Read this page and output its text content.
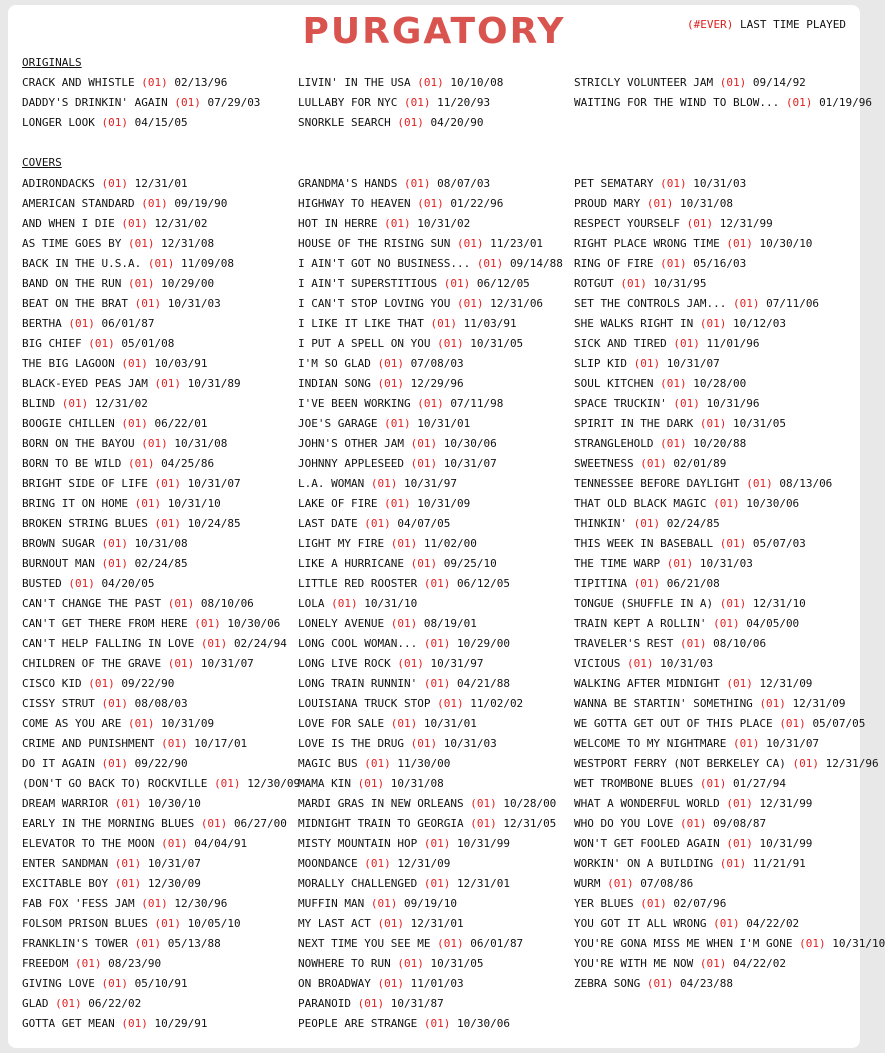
PURGATORY	(#EVER) LAST TIME PLAYED
ORIGINALS
CRACK AND WHISTLE (01) 02/13/96
DADDY'S DRINKIN' AGAIN (01) 07/29/03
LONGER LOOK (01) 04/15/05
LIVIN' IN THE USA (01) 10/10/08
LULLABY FOR NYC (01) 11/20/93
SNORKLE SEARCH (01) 04/20/90
STRICLY VOLUNTEER JAM (01) 09/14/92
WAITING FOR THE WIND TO BLOW... (01) 01/19/96
COVERS
ADIRONDACKS (01) 12/31/01
AMERICAN STANDARD (01) 09/19/90
AND WHEN I DIE (01) 12/31/02
AS TIME GOES BY (01) 12/31/08
BACK IN THE U.S.A. (01) 11/09/08
BAND ON THE RUN (01) 10/29/00
BEAT ON THE BRAT (01) 10/31/03
BERTHA (01) 06/01/87
BIG CHIEF (01) 05/01/08
THE BIG LAGOON (01) 10/03/91
BLACK-EYED PEAS JAM (01) 10/31/89
BLIND (01) 12/31/02
BOOGIE CHILLEN (01) 06/22/01
BORN ON THE BAYOU (01) 10/31/08
BORN TO BE WILD (01) 04/25/86
BRIGHT SIDE OF LIFE (01) 10/31/07
BRING IT ON HOME (01) 10/31/10
BROKEN STRING BLUES (01) 10/24/85
BROWN SUGAR (01) 10/31/08
BURNOUT MAN (01) 02/24/85
BUSTED (01) 04/20/05
CAN'T CHANGE THE PAST (01) 08/10/06
CAN'T GET THERE FROM HERE (01) 10/30/06
CAN'T HELP FALLING IN LOVE (01) 02/24/94
CHILDREN OF THE GRAVE (01) 10/31/07
CISCO KID (01) 09/22/90
CISSY STRUT (01) 08/08/03
COME AS YOU ARE (01) 10/31/09
CRIME AND PUNISHMENT (01) 10/17/01
DO IT AGAIN (01) 09/22/90
(DON'T GO BACK TO) ROCKVILLE (01) 12/30/09
DREAM WARRIOR (01) 10/30/10
EARLY IN THE MORNING BLUES (01) 06/27/00
ELEVATOR TO THE MOON (01) 04/04/91
ENTER SANDMAN (01) 10/31/07
EXCITABLE BOY (01) 12/30/09
FAB FOX 'FESS JAM (01) 12/30/96
FOLSOM PRISON BLUES (01) 10/05/10
FRANKLIN'S TOWER (01) 05/13/88
FREEDOM (01) 08/23/90
GIVING LOVE (01) 05/10/91
GLAD (01) 06/22/02
GOTTA GET MEAN (01) 10/29/91
GRANDMA'S HANDS (01) 08/07/03
HIGHWAY TO HEAVEN (01) 01/22/96
HOT IN HERRE (01) 10/31/02
HOUSE OF THE RISING SUN (01) 11/23/01
I AIN'T GOT NO BUSINESS... (01) 09/14/88
I AIN'T SUPERSTITIOUS (01) 06/12/05
I CAN'T STOP LOVING YOU (01) 12/31/06
I LIKE IT LIKE THAT (01) 11/03/91
I PUT A SPELL ON YOU (01) 10/31/05
I'M SO GLAD (01) 07/08/03
INDIAN SONG (01) 12/29/96
I'VE BEEN WORKING (01) 07/11/98
JOE'S GARAGE (01) 10/31/01
JOHN'S OTHER JAM (01) 10/30/06
JOHNNY APPLESEED (01) 10/31/07
L.A. WOMAN (01) 10/31/97
LAKE OF FIRE (01) 10/31/09
LAST DATE (01) 04/07/05
LIGHT MY FIRE (01) 11/02/00
LIKE A HURRICANE (01) 09/25/10
LITTLE RED ROOSTER (01) 06/12/05
LOLA (01) 10/31/10
LONELY AVENUE (01) 08/19/01
LONG COOL WOMAN... (01) 10/29/00
LONG LIVE ROCK (01) 10/31/97
LONG TRAIN RUNNIN' (01) 04/21/88
LOUISIANA TRUCK STOP (01) 11/02/02
LOVE FOR SALE (01) 10/31/01
LOVE IS THE DRUG (01) 10/31/03
MAGIC BUS (01) 11/30/00
MAMA KIN (01) 10/31/08
MARDI GRAS IN NEW ORLEANS (01) 10/28/00
MIDNIGHT TRAIN TO GEORGIA (01) 12/31/05
MISTY MOUNTAIN HOP (01) 10/31/99
MOONDANCE (01) 12/31/09
MORALLY CHALLENGED (01) 12/31/01
MUFFIN MAN (01) 09/19/10
MY LAST ACT (01) 12/31/01
NEXT TIME YOU SEE ME (01) 06/01/87
NOWHERE TO RUN (01) 10/31/05
ON BROADWAY (01) 11/01/03
PARANOID (01) 10/31/87
PEOPLE ARE STRANGE (01) 10/30/06
PET SEMATARY (01) 10/31/03
PROUD MARY (01) 10/31/08
RESPECT YOURSELF (01) 12/31/99
RIGHT PLACE WRONG TIME (01) 10/30/10
RING OF FIRE (01) 05/16/03
ROTGUT (01) 10/31/95
SET THE CONTROLS JAM... (01) 07/11/06
SHE WALKS RIGHT IN (01) 10/12/03
SICK AND TIRED (01) 11/01/96
SLIP KID (01) 10/31/07
SOUL KITCHEN (01) 10/28/00
SPACE TRUCKIN' (01) 10/31/96
SPIRIT IN THE DARK (01) 10/31/05
STRANGLEHOLD (01) 10/20/88
SWEETNESS (01) 02/01/89
TENNESSEE BEFORE DAYLIGHT (01) 08/13/06
THAT OLD BLACK MAGIC (01) 10/30/06
THINKIN' (01) 02/24/85
THIS WEEK IN BASEBALL (01) 05/07/03
THE TIME WARP (01) 10/31/03
TIPITINA (01) 06/21/08
TONGUE (SHUFFLE IN A) (01) 12/31/10
TRAIN KEPT A ROLLIN' (01) 04/05/00
TRAVELER'S REST (01) 08/10/06
VICIOUS (01) 10/31/03
WALKING AFTER MIDNIGHT (01) 12/31/09
WANNA BE STARTIN' SOMETHING (01) 12/31/09
WE GOTTA GET OUT OF THIS PLACE (01) 05/07/05
WELCOME TO MY NIGHTMARE (01) 10/31/07
WESTPORT FERRY (NOT BERKELEY CA) (01) 12/31/96
WET TROMBONE BLUES (01) 01/27/94
WHAT A WONDERFUL WORLD (01) 12/31/99
WHO DO YOU LOVE (01) 09/08/87
WON'T GET FOOLED AGAIN (01) 10/31/99
WORKIN' ON A BUILDING (01) 11/21/91
WURM (01) 07/08/86
YER BLUES (01) 02/07/96
YOU GOT IT ALL WRONG (01) 04/22/02
YOU'RE GONA MISS ME WHEN I'M GONE (01) 10/31/10
YOU'RE WITH ME NOW (01) 04/22/02
ZEBRA SONG (01) 04/23/88
